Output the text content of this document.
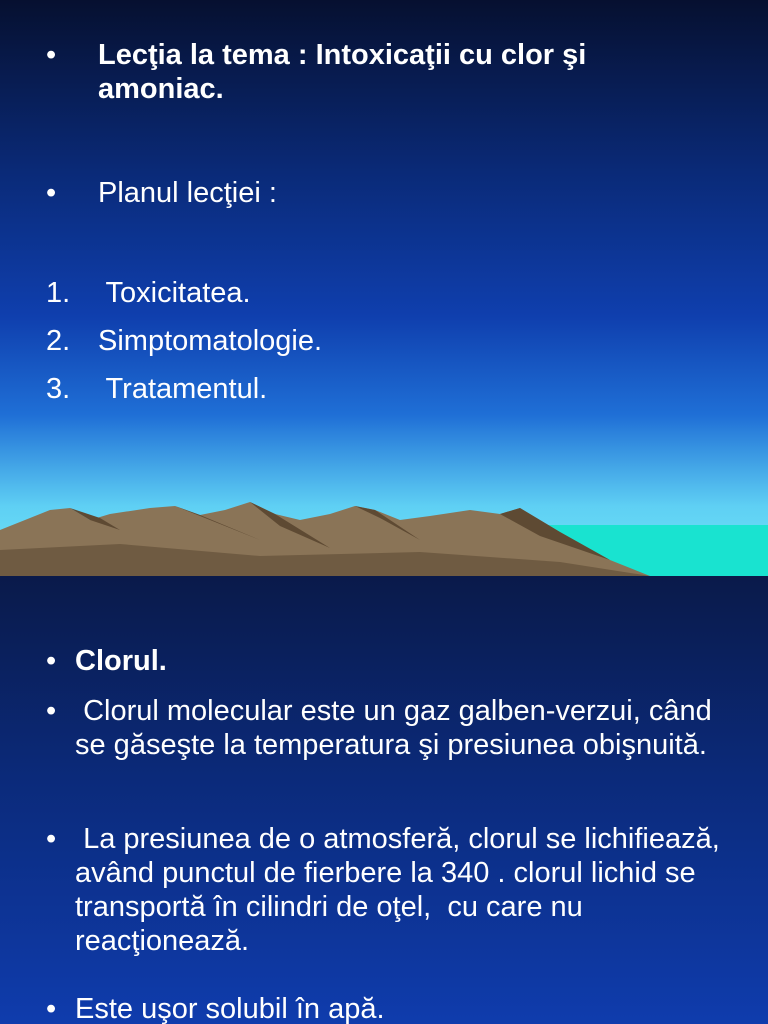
•	Lecţia la tema : Intoxicaţii cu clor şi amoniac.
•	Planul lecţiei :
1. Toxicitatea.
2. Simptomatologie.
3. Tratamentul.
• Clorul.
• Clorul molecular este un gaz galben-verzui, când se găseşte la temperatura şi presiunea obişnuită.
• La presiunea de o atmosferă, clorul se lichifiează, având punctul de fierbere la 340 . clorul lichid se transportă în cilindri de oţel,  cu care nu reacţionează.
• Este uşor solubil în apă.
